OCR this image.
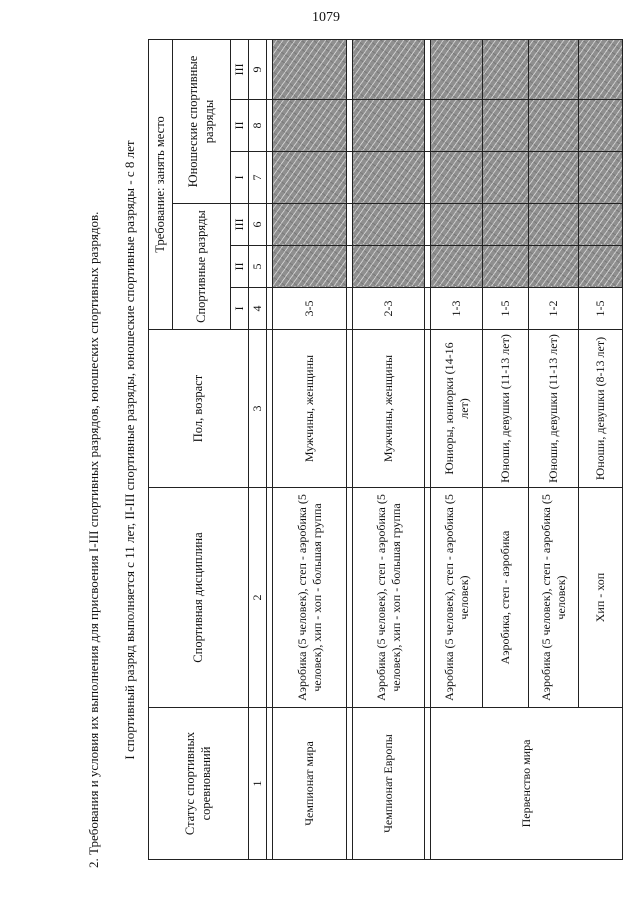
1079
2. Требования и условия их выполнения для присвоения I-III спортивных разрядов, юношеских спортивных разрядов. I спортивный разряд выполняется с 11 лет, II-III спортивные разряды, юношеские спортивные разряды - с 8 лет
Статус спортивных соревнований	Спортивная дисциплина	Пол, возраст	Требование: занять место					
			Спортивные разряды			Юношеские спортивные разряды		
			I	II	III	I	II	III

1	2	3	4	5	6	7	8	9

Чемпионат мира	Аэробика (5 человек), степ - аэробика (5 человек), хип - хоп - большая группа	Мужчины, женщины	3-5					

Чемпионат Европы	Аэробика (5 человек), степ - аэробика (5 человек), хип - хоп - большая группа	Мужчины, женщины	2-3					

Первенство мира	Аэробика (5 человек), степ - аэробика (5 человек)	Юниоры, юниорки (14-16 лет)	1-3					
	Аэробика, степ - аэробика	Юноши, девушки (11-13 лет)	1-5					
	Аэробика (5 человек), степ - аэробика (5 человек)	Юноши, девушки (11-13 лет)	1-2					
	Хип - хоп	Юноши, девушки (8-13 лет)	1-5					
